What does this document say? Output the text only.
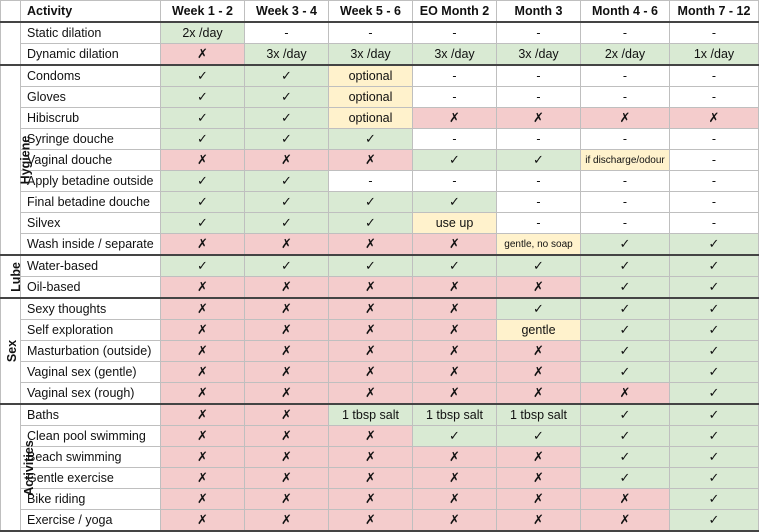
	Activity	Week 1 - 2	Week 3 - 4	Week 5 - 6	EO Month 2	Month 3	Month 4 - 6	Month 7 - 12
	Static dilation	2x /day	-	-	-	-	-	-
	Dynamic dilation	✗	3x /day	3x /day	3x /day	3x /day	2x /day	1x /day
Hygiene	Condoms	✓	✓	optional	-	-	-	-
	Gloves	✓	✓	optional	-	-	-	-
	Hibiscrub	✓	✓	optional	✗	✗	✗	✗
	Syringe douche	✓	✓	✓	-	-	-	-
	Vaginal douche	✗	✗	✗	✓	✓	if discharge/odour	-
	Apply betadine outside	✓	✓	-	-	-	-	-
	Final betadine douche	✓	✓	✓	✓	-	-	-
	Silvex	✓	✓	✓	use up	-	-	-
	Wash inside / separate	✗	✗	✗	✗	gentle, no soap	✓	✓
Lube	Water-based	✓	✓	✓	✓	✓	✓	✓
	Oil-based	✗	✗	✗	✗	✗	✓	✓
Sex	Sexy thoughts	✗	✗	✗	✗	✓	✓	✓
	Self exploration	✗	✗	✗	✗	gentle	✓	✓
	Masturbation (outside)	✗	✗	✗	✗	✗	✓	✓
	Vaginal sex (gentle)	✗	✗	✗	✗	✗	✓	✓
	Vaginal sex (rough)	✗	✗	✗	✗	✗	✗	✓
Activities	Baths	✗	✗	1 tbsp salt	1 tbsp salt	1 tbsp salt	✓	✓
	Clean pool swimming	✗	✗	✗	✓	✓	✓	✓
	Beach swimming	✗	✗	✗	✗	✗	✓	✓
	Gentle exercise	✗	✗	✗	✗	✗	✓	✓
	Bike riding	✗	✗	✗	✗	✗	✗	✓
	Exercise / yoga	✗	✗	✗	✗	✗	✗	✓
